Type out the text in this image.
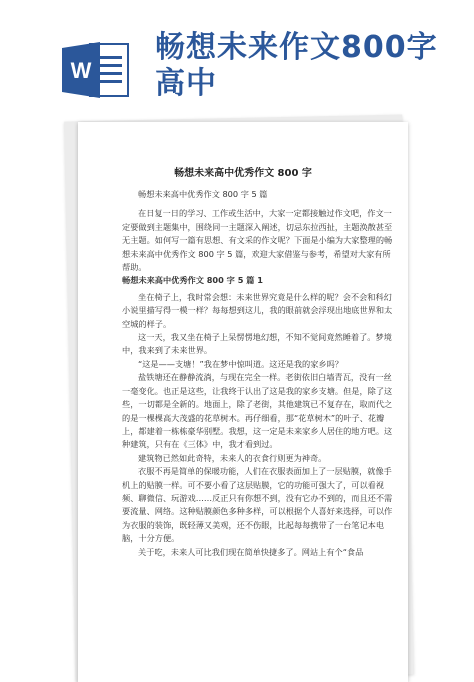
W
畅想未来作文800字高中
畅想未来高中优秀作文 800 字

畅想未来高中优秀作文 800 字 5 篇

在日复一日的学习、工作或生活中，大家一定都接触过作文吧，作文一定要做到主题集中，围绕同一主题深入阐述，切忌东拉西扯，主题涣散甚至无主题。如何写一篇有思想、有文采的作文呢？下面是小编为大家整理的畅想未来高中优秀作文 800 字 5 篇，欢迎大家借鉴与参考，希望对大家有所帮助。

畅想未来高中优秀作文 800 字 5 篇 1

坐在椅子上，我时常会想：未来世界究竟是什么样的呢？会不会和科幻小说里描写得一模一样？每每想到这儿，我的眼前就会浮现出地底世界和太空城的样子。

这一天，我又坐在椅子上呆愣愣地幻想，不知不觉间竟然睡着了。梦境中，我来到了未来世界。

“这是——支塘！”我在梦中惊叫道。这还是我的家乡吗？

盐铁塘还在静静流淌，与现在完全一样。老街依旧白墙青瓦，没有一丝一毫变化。也正是这些，让我终于认出了这是我的家乡支塘。但是，除了这些，一切都是全新的。地面上，除了老街，其他建筑已不复存在，取而代之的是一棵棵高大茂盛的花草树木。再仔细看，那“花草树木”的叶子、花瓣上，都建着一栋栋豪华别墅。我想，这一定是未来家乡人居住的地方吧。这种建筑，只有在《三体》中，我才看到过。

建筑物已然如此奇特，未来人的衣食行则更为神奇。

衣服不再是简单的保暖功能，人们在衣服表面加上了一层贴膜，就像手机上的贴膜一样。可不要小看了这层贴膜，它的功能可强大了，可以看视频、聊微信、玩游戏……反正只有你想不到，没有它办不到的，而且还不需要流量、网络。这种贴膜颜色多种多样，可以根据个人喜好来选择，可以作为衣服的装饰，既轻薄又美观，还不伤眼，比起每每携带了一台笔记本电脑，十分方便。

关于吃，未来人可比我们现在简单快捷多了。网站上有个“食品
